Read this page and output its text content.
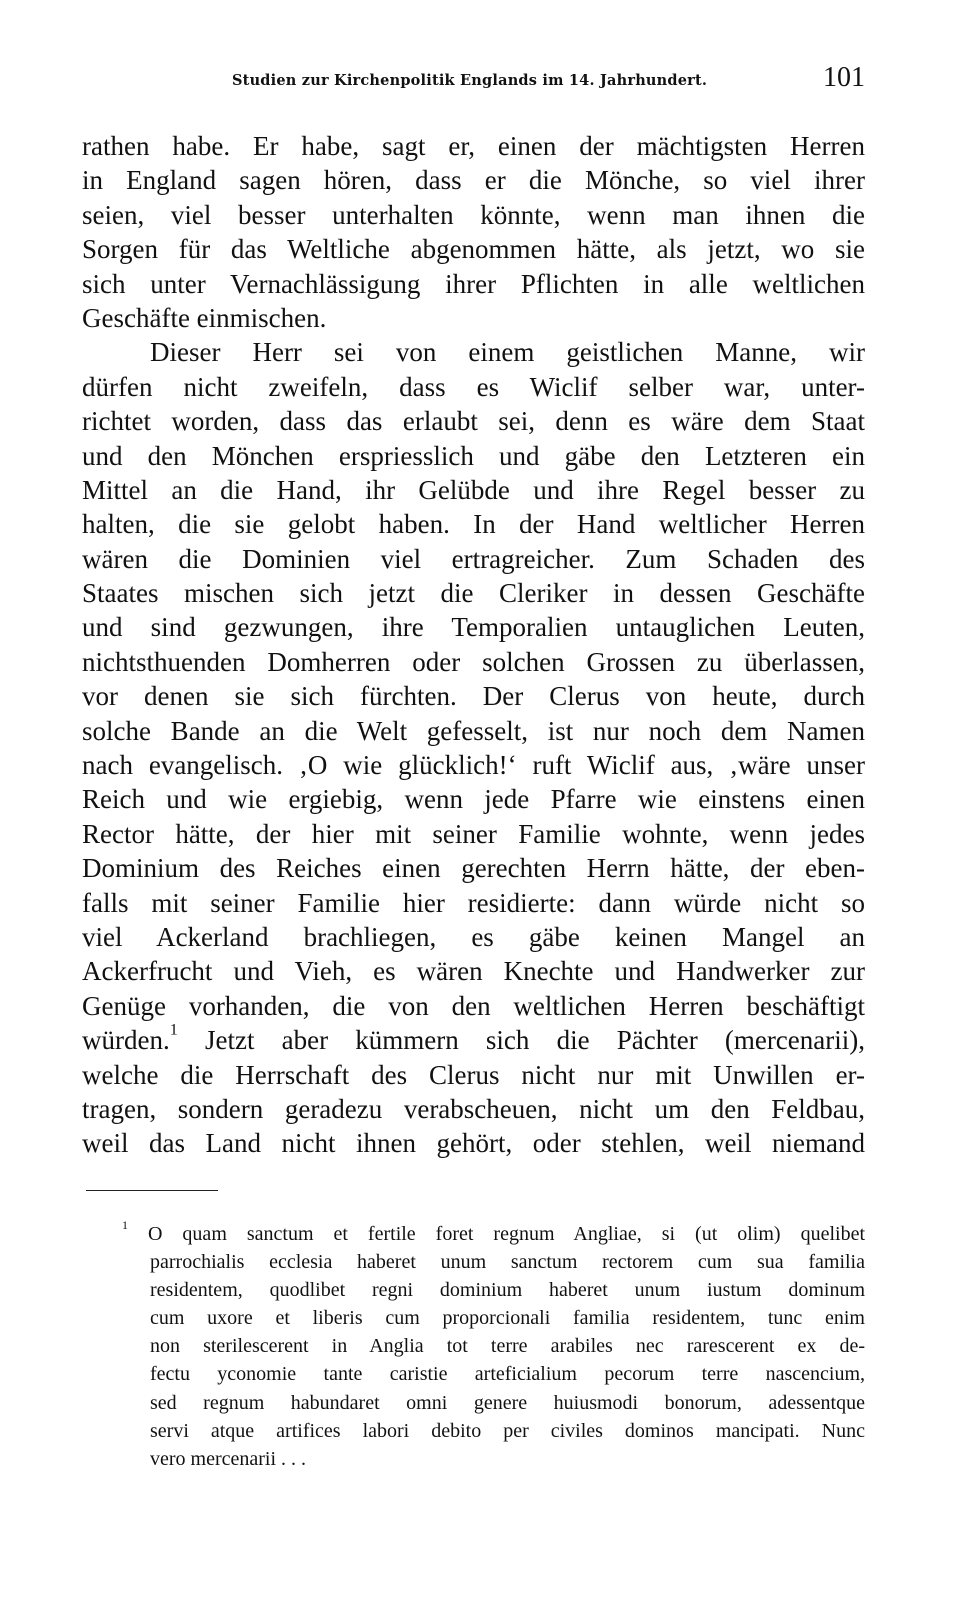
Studien zur Kirchenpolitik Englands im 14. Jahrhundert.	101
rathen habe. Er habe, sagt er, einen der mächtigsten Herren
in England sagen hören, dass er die Mönche, so viel ihrer
seien, viel besser unterhalten könnte, wenn man ihnen die
Sorgen für das Weltliche abgenommen hätte, als jetzt, wo sie
sich unter Vernachlässigung ihrer Pflichten in alle weltlichen
Geschäfte einmischen.
Dieser Herr sei von einem geistlichen Manne, wir
dürfen nicht zweifeln, dass es Wiclif selber war, unter-
richtet worden, dass das erlaubt sei, denn es wäre dem Staat
und den Mönchen erspriesslich und gäbe den Letzteren ein
Mittel an die Hand, ihr Gelübde und ihre Regel besser zu
halten, die sie gelobt haben. In der Hand weltlicher Herren
wären die Dominien viel ertragreicher. Zum Schaden des
Staates mischen sich jetzt die Cleriker in dessen Geschäfte
und sind gezwungen, ihre Temporalien untauglichen Leuten,
nichtsthuenden Domherren oder solchen Grossen zu überlassen,
vor denen sie sich fürchten. Der Clerus von heute, durch
solche Bande an die Welt gefesselt, ist nur noch dem Namen
nach evangelisch. ‚O wie glücklich!‘ ruft Wiclif aus, ‚wäre unser
Reich und wie ergiebig, wenn jede Pfarre wie einstens einen
Rector hätte, der hier mit seiner Familie wohnte, wenn jedes
Dominium des Reiches einen gerechten Herrn hätte, der eben-
falls mit seiner Familie hier residierte: dann würde nicht so
viel Ackerland brachliegen, es gäbe keinen Mangel an
Ackerfrucht und Vieh, es wären Knechte und Handwerker zur
Genüge vorhanden, die von den weltlichen Herren beschäftigt
würden.$^1$ Jetzt aber kümmern sich die Pächter (mercenarii),
welche die Herrschaft des Clerus nicht nur mit Unwillen er-
tragen, sondern geradezu verabscheuen, nicht um den Feldbau,
weil das Land nicht ihnen gehört, oder stehlen, weil niemand
$^1$ O quam sanctum et fertile foret regnum Angliae, si (ut olim) quelibet
parrochialis ecclesia haberet unum sanctum rectorem cum sua familia
residentem, quodlibet regni dominium haberet unum iustum dominum
cum uxore et liberis cum proporcionali familia residentem, tunc enim
non sterilescerent in Anglia tot terre arabiles nec rarescerent ex de-
fectu yconomie tante caristie arteficialium pecorum terre nascencium,
sed regnum habundaret omni genere huiusmodi bonorum, adessentque
servi atque artifices labori debito per civiles dominos mancipati. Nunc
vero mercenarii . . .
